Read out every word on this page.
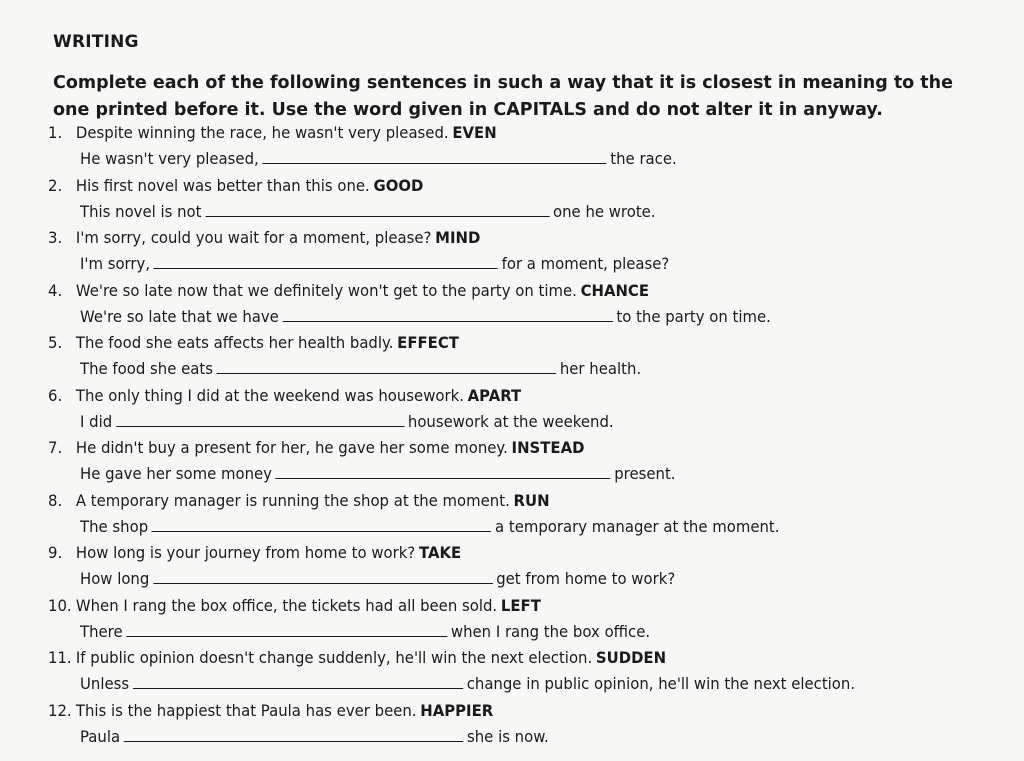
WRITING
Complete each of the following sentences in such a way that it is closest in meaning to the one printed before it. Use the word given in CAPITALS and do not alter it in anyway.
1. Despite winning the race, he wasn't very pleased. EVEN
He wasn't very pleased,	the race.
2. His first novel was better than this one. GOOD
This novel is not	one he wrote.
3. I'm sorry, could you wait for a moment, please? MIND
I'm sorry,	for a moment, please?
4. We're so late now that we definitely won't get to the party on time. CHANCE
We're so late that we have	to the party on time.
5. The food she eats affects her health badly. EFFECT
The food she eats	her health.
6. The only thing I did at the weekend was housework. APART
I did	housework at the weekend.
7. He didn't buy a present for her, he gave her some money. INSTEAD
He gave her some money	present.
8. A temporary manager is running the shop at the moment. RUN
The shop	a temporary manager at the moment.
9. How long is your journey from home to work? TAKE
How long	get from home to work?
10. When I rang the box office, the tickets had all been sold. LEFT
There	when I rang the box office.
11. If public opinion doesn't change suddenly, he'll win the next election. SUDDEN
Unless	change in public opinion, he'll win the next election.
12. This is the happiest that Paula has ever been. HAPPIER
Paula	she is now.
